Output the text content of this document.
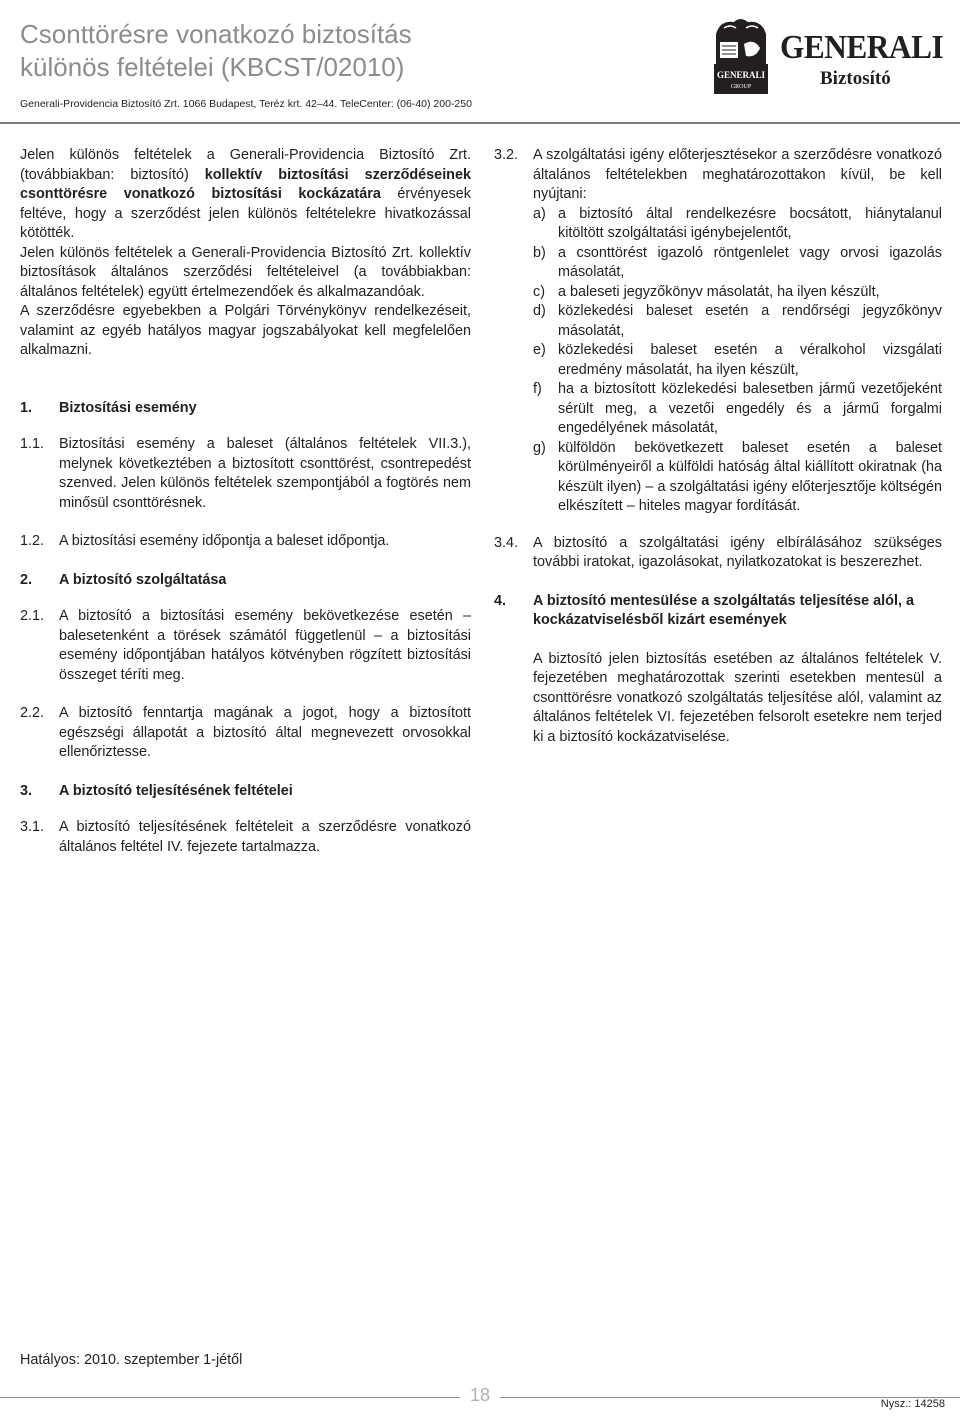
Csonttörésre vonatkozó biztosítás
különös feltételei (KBCST/02010)
Generali-Providencia Biztosító Zrt. 1066 Budapest, Teréz krt. 42–44. TeleCenter: (06-40) 200-250
GENERALI
GROUP
GENERALI
Biztosító
Jelen különös feltételek a Generali-Providencia Biztosító Zrt. (továbbiakban: biztosító) kollektív biztosítási szerződéseinek csonttörésre vonatkozó biztosítási kockázatára érvényesek feltéve, hogy a szerződést jelen különös feltételekre hivatkozással kötötték.
Jelen különös feltételek a Generali-Providencia Biztosító Zrt. kollektív biztosítások általános szerződési feltételeivel (a továbbiakban: általános feltételek) együtt értelmezendőek és alkalmazandóak.
A szerződésre egyebekben a Polgári Törvénykönyv rendelkezéseit, valamint az egyéb hatályos magyar jogszabályokat kell megfelelően alkalmazni.
1.	Biztosítási esemény
1.1.	Biztosítási esemény a baleset (általános feltételek VII.3.), melynek következtében a biztosított csonttörést, csontrepedést szenved. Jelen különös feltételek szempontjából a fogtörés nem minősül csonttörésnek.
1.2.	A biztosítási esemény időpontja a baleset időpontja.
2.	A biztosító szolgáltatása
2.1.	A biztosító a biztosítási esemény bekövetkezése esetén – balesetenként a törések számától függetlenül – a biztosítási esemény időpontjában hatályos kötvényben rögzített biztosítási összeget téríti meg.
2.2.	A biztosító fenntartja magának a jogot, hogy a biztosított egészségi állapotát a biztosító által megnevezett orvosokkal ellenőriztesse.
3.	A biztosító teljesítésének feltételei
3.1.	A biztosító teljesítésének feltételeit a szerződésre vonatkozó általános feltétel IV. fejezete tartalmazza.
3.2.	A szolgáltatási igény előterjesztésekor a szerződésre vonatkozó általános feltételekben meghatározottakon kívül, be kell nyújtani:
a) a biztosító által rendelkezésre bocsátott, hiánytalanul kitöltött szolgáltatási igénybejelentőt,
b) a csonttörést igazoló röntgenlelet vagy orvosi igazolás másolatát,
c) a baleseti jegyzőkönyv másolatát, ha ilyen készült,
d) közlekedési baleset esetén a rendőrségi jegyzőkönyv másolatát,
e) közlekedési baleset esetén a véralkohol vizsgálati eredmény másolatát, ha ilyen készült,
f)	ha a biztosított közlekedési balesetben jármű vezetőjeként sérült meg, a vezetői engedély és a jármű forgalmi engedélyének másolatát,
g) külföldön bekövetkezett baleset esetén a baleset körülményeiről a külföldi hatóság által kiállított okiratnak (ha készült ilyen) – a szolgáltatási igény előterjesztője költségén elkészített – hiteles magyar fordítását.
3.4.	A biztosító a szolgáltatási igény elbírálásához szükséges további iratokat, igazolásokat, nyilatkozatokat is beszerezhet.
4.	A biztosító mentesülése a szolgáltatás teljesítése alól, a kockázatviselésből kizárt események
A biztosító jelen biztosítás esetében az általános feltételek V. fejezetében meghatározottak szerinti esetekben mentesül a csonttörésre vonatkozó szolgáltatás teljesítése alól, valamint az általános feltételek VI. fejezetében felsorolt esetekre nem terjed ki a biztosító kockázatviselése.
Hatályos: 2010. szeptember 1-jétől
18	Nysz.: 14258
